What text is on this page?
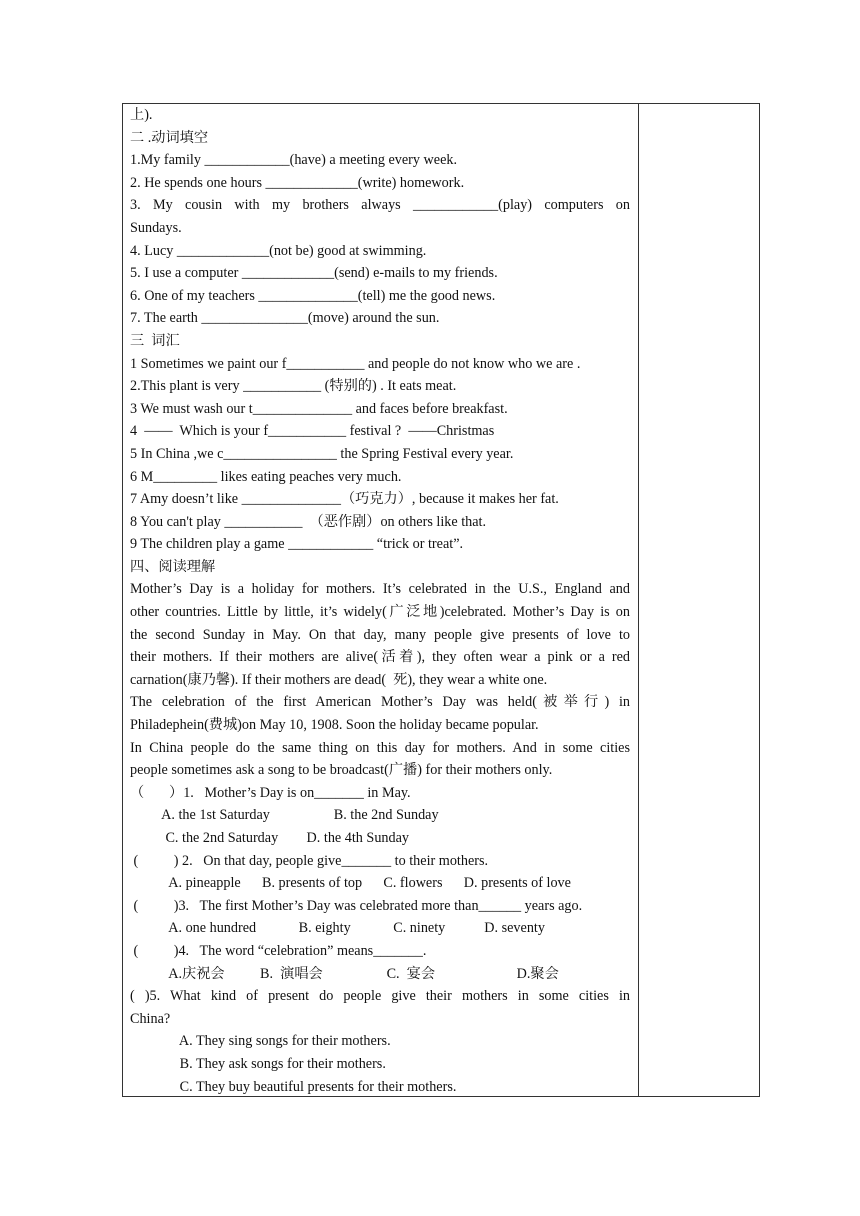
上).

二 .动词填空

1.My family ____________(have) a meeting every week.

2. He spends one hours _____________(write) homework.

3. My cousin with my brothers always ____________(play) computers on

Sundays.

4. Lucy _____________(not be) good at swimming.

5. I use a computer _____________(send) e-mails to my friends.

6. One of my teachers ______________(tell) me the good news.

7. The earth _______________(move) around the sun.

三  词汇

1 Sometimes we paint our f___________ and people do not know who we are .

2.This plant is very ___________ (特别的) . It eats meat.

3 We must wash our t______________ and faces before breakfast.

4  ——  Which is your f___________ festival ?  ——Christmas

5 In China ,we c________________ the Spring Festival every year.

6 M_________ likes eating peaches very much.

7 Amy doesn’t like ______________（巧克力）, because it makes her fat.

8 You can't play ___________  （恶作剧）on others like that.

9 The children play a game ____________ “trick or treat”.

四、阅读理解

Mother’s Day is a holiday for mothers. It’s celebrated in the U.S., England and

other countries. Little by little, it’s widely(广泛地)celebrated. Mother’s Day is on

the second Sunday in May. On that day, many people give presents of love to

their mothers. If their mothers are alive(活着), they often wear a pink or a red

carnation(康乃馨). If their mothers are dead(  死), they wear a white one.

The celebration of the first American Mother’s Day was held(被举行) in

Philadephein(费城)on May 10, 1908. Soon the holiday became popular.

In China people do the same thing on this day for mothers. And in some cities

people sometimes ask a song to be broadcast(广播) for their mothers only.

（       ）1.   Mother’s Day is on_______ in May.

A. the 1st Saturday                  B. the 2nd Sunday

C. the 2nd Saturday        D. the 4th Sunday

(          ) 2.   On that day, people give_______ to their mothers.

A. pineapple      B. presents of top      C. flowers      D. presents of love

(          )3.   The first Mother’s Day was celebrated more than______ years ago.

A. one hundred            B. eighty            C. ninety           D. seventy

(          )4.   The word “celebration” means_______.

A.庆祝会          B.  演唱会                  C.  宴会                       D.聚会

( )5. What kind of present do people give their mothers in some cities in

China?

A. They sing songs for their mothers.

B. They ask songs for their mothers.

C. They buy beautiful presents for their mothers.
